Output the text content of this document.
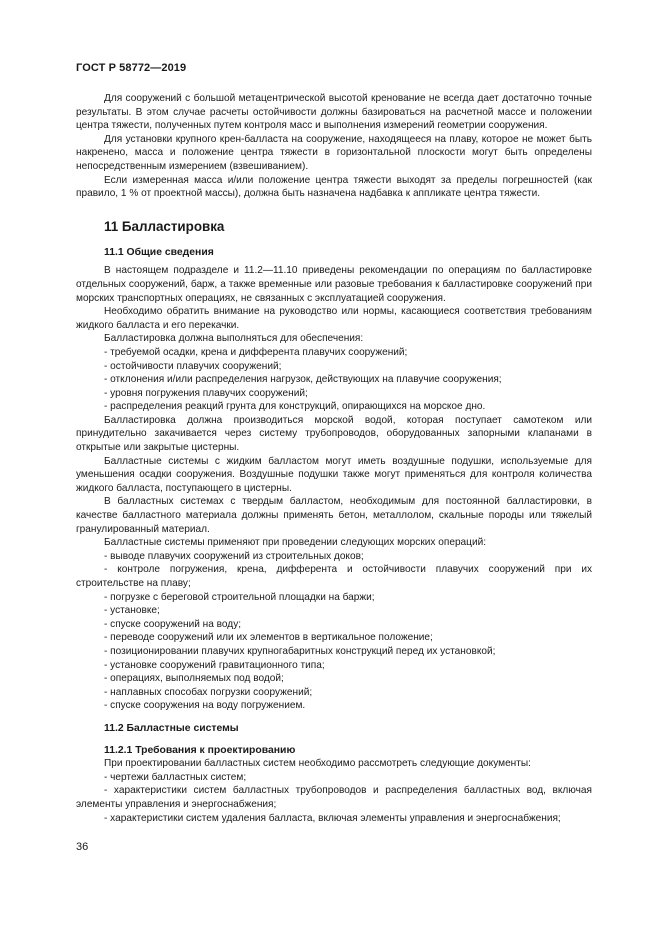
ГОСТ Р 58772—2019

Для сооружений с большой метацентрической высотой кренование не всегда дает достаточно точные результаты. В этом случае расчеты остойчивости должны базироваться на расчетной массе и положении центра тяжести, полученных путем контроля масс и выполнения измерений геометрии сооружения.

Для установки крупного крен-балласта на сооружение, находящееся на плаву, которое не может быть накренено, масса и положение центра тяжести в горизонтальной плоскости могут быть определены непосредственным измерением (взвешиванием).

Если измеренная масса и/или положение центра тяжести выходят за пределы погрешностей (как правило, 1 % от проектной массы), должна быть назначена надбавка к аппликате центра тяжести.

11 Балластировка
11.1 Общие сведения

В настоящем подразделе и 11.2—11.10 приведены рекомендации по операциям по балластировке отдельных сооружений, барж, а также временные или разовые требования к балластировке сооружений при морских транспортных операциях, не связанных с эксплуатацией сооружения.

Необходимо обратить внимание на руководство или нормы, касающиеся соответствия требованиям жидкого балласта и его перекачки.

Балластировка должна выполняться для обеспечения:

- требуемой осадки, крена и дифферента плавучих сооружений;

- остойчивости плавучих сооружений;

- отклонения и/или распределения нагрузок, действующих на плавучие сооружения;

- уровня погружения плавучих сооружений;

- распределения реакций грунта для конструкций, опирающихся на морское дно.

Балластировка должна производиться морской водой, которая поступает самотеком или принудительно закачивается через систему трубопроводов, оборудованных запорными клапанами в открытые или закрытые цистерны.

Балластные системы с жидким балластом могут иметь воздушные подушки, используемые для уменьшения осадки сооружения. Воздушные подушки также могут применяться для контроля количества жидкого балласта, поступающего в цистерны.

В балластных системах с твердым балластом, необходимым для постоянной балластировки, в качестве балластного материала должны применять бетон, металлолом, скальные породы или тяжелый гранулированный материал.

Балластные системы применяют при проведении следующих морских операций:

- выводе плавучих сооружений из строительных доков;

- контроле погружения, крена, дифферента и остойчивости плавучих сооружений при их строительстве на плаву;

- погрузке с береговой строительной площадки на баржи;

- установке;

- спуске сооружений на воду;

- переводе сооружений или их элементов в вертикальное положение;

- позиционировании плавучих крупногабаритных конструкций перед их установкой;

- установке сооружений гравитационного типа;

- операциях, выполняемых под водой;

- наплавных способах погрузки сооружений;

- спуске сооружения на воду погружением.

11.2 Балластные системы
11.2.1 Требования к проектированию

При проектировании балластных систем необходимо рассмотреть следующие документы:

- чертежи балластных систем;

- характеристики систем балластных трубопроводов и распределения балластных вод, включая элементы управления и энергоснабжения;

- характеристики систем удаления балласта, включая элементы управления и энергоснабжения;

36
